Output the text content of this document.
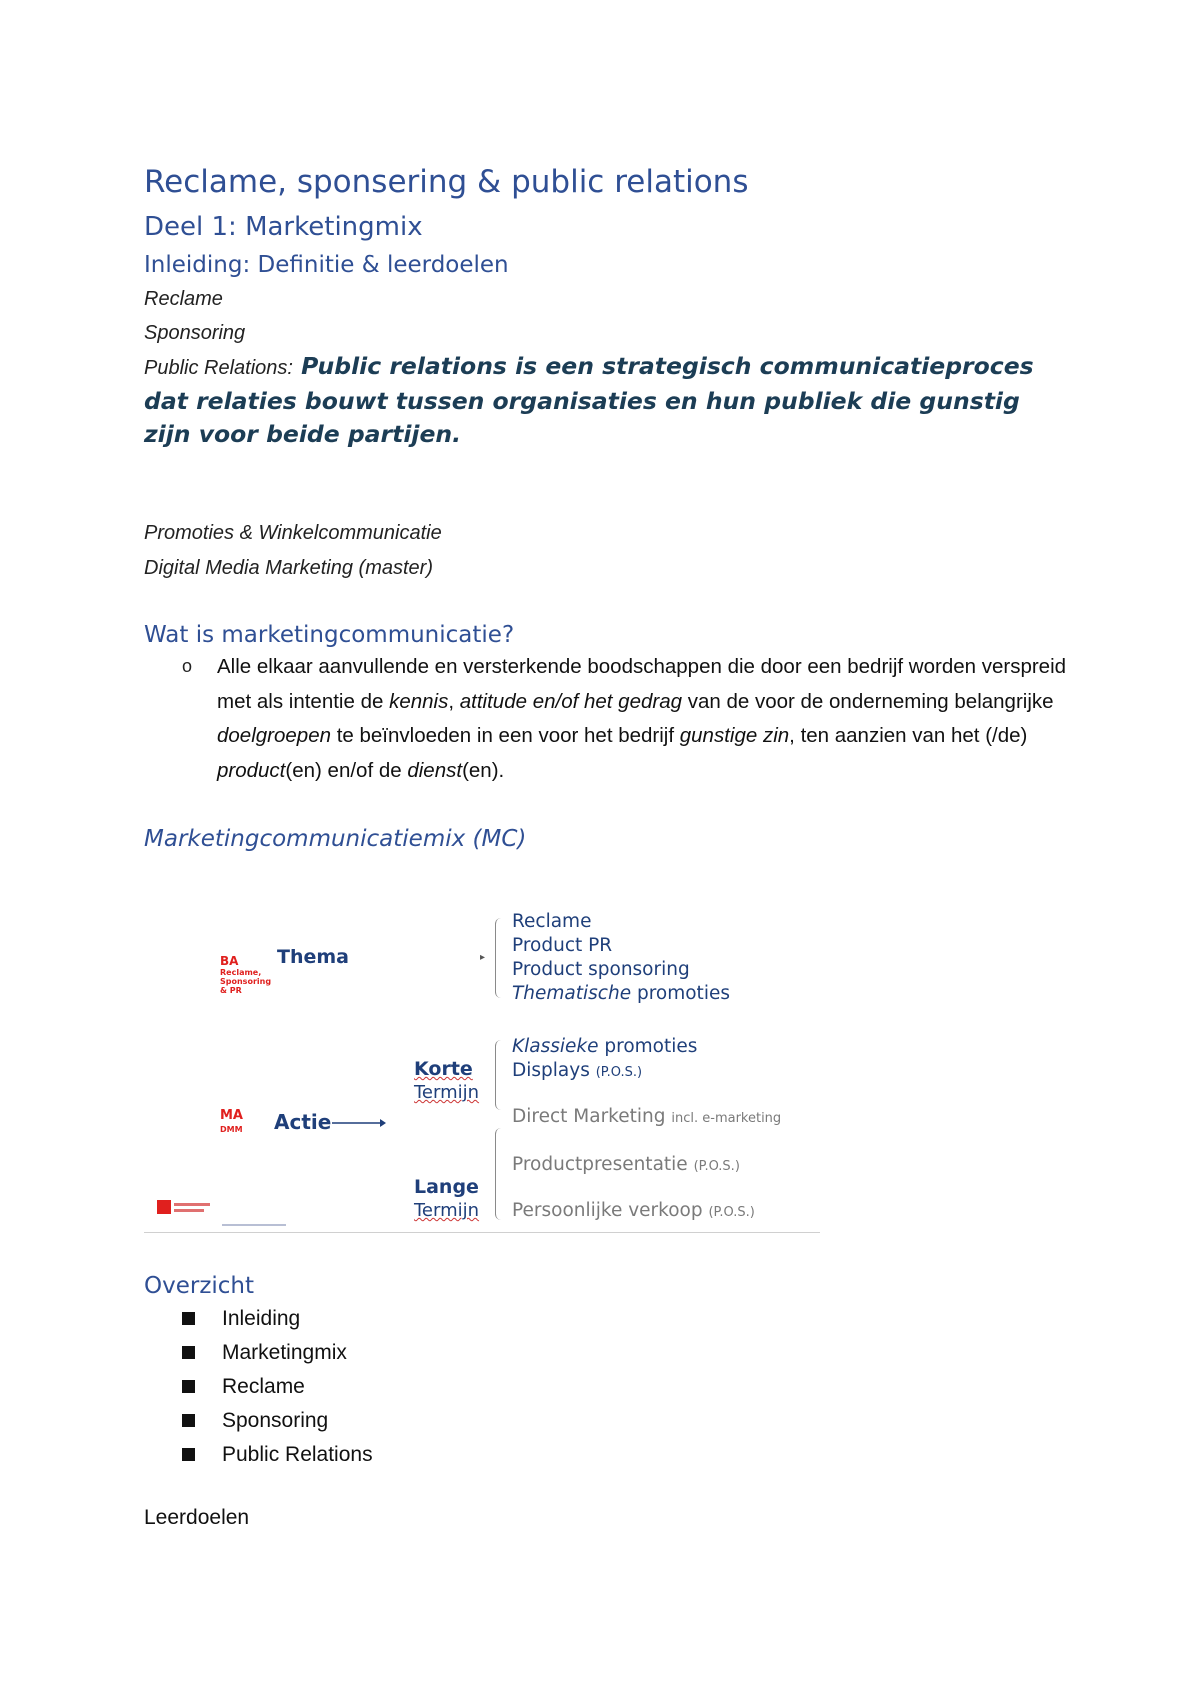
Reclame, sponsering & public relations
Deel 1: Marketingmix
Inleiding: Definitie & leerdoelen
Reclame
Sponsoring
Public Relations: Public relations is een strategisch communicatieproces dat relaties bouwt tussen organisaties en hun publiek die gunstig zijn voor beide partijen.
Promoties & Winkelcommunicatie
Digital Media Marketing (master)
Wat is marketingcommunicatie?
o Alle elkaar aanvullende en versterkende boodschappen die door een bedrijf worden verspreid met als intentie de kennis, attitude en/of het gedrag van de voor de onderneming belangrijke doelgroepen te beïnvloeden in een voor het bedrijf gunstige zin, ten aanzien van het (/de) product(en) en/of de dienst(en).
Marketingcommunicatiemix (MC)
BA
Reclame,
Sponsoring
& PR
Thema	▸
Reclame
Product PR
Product sponsoring
Thematische promoties
MA
DMM Actie
Korte
Termijn
Lange
Termijn
Klassieke promoties
Displays (P.O.S.)
Direct Marketing incl. e-marketing
Productpresentatie (P.O.S.)
Persoonlijke verkoop (P.O.S.)
Overzicht
Inleiding
Marketingmix
Reclame
Sponsoring
Public Relations
Leerdoelen
